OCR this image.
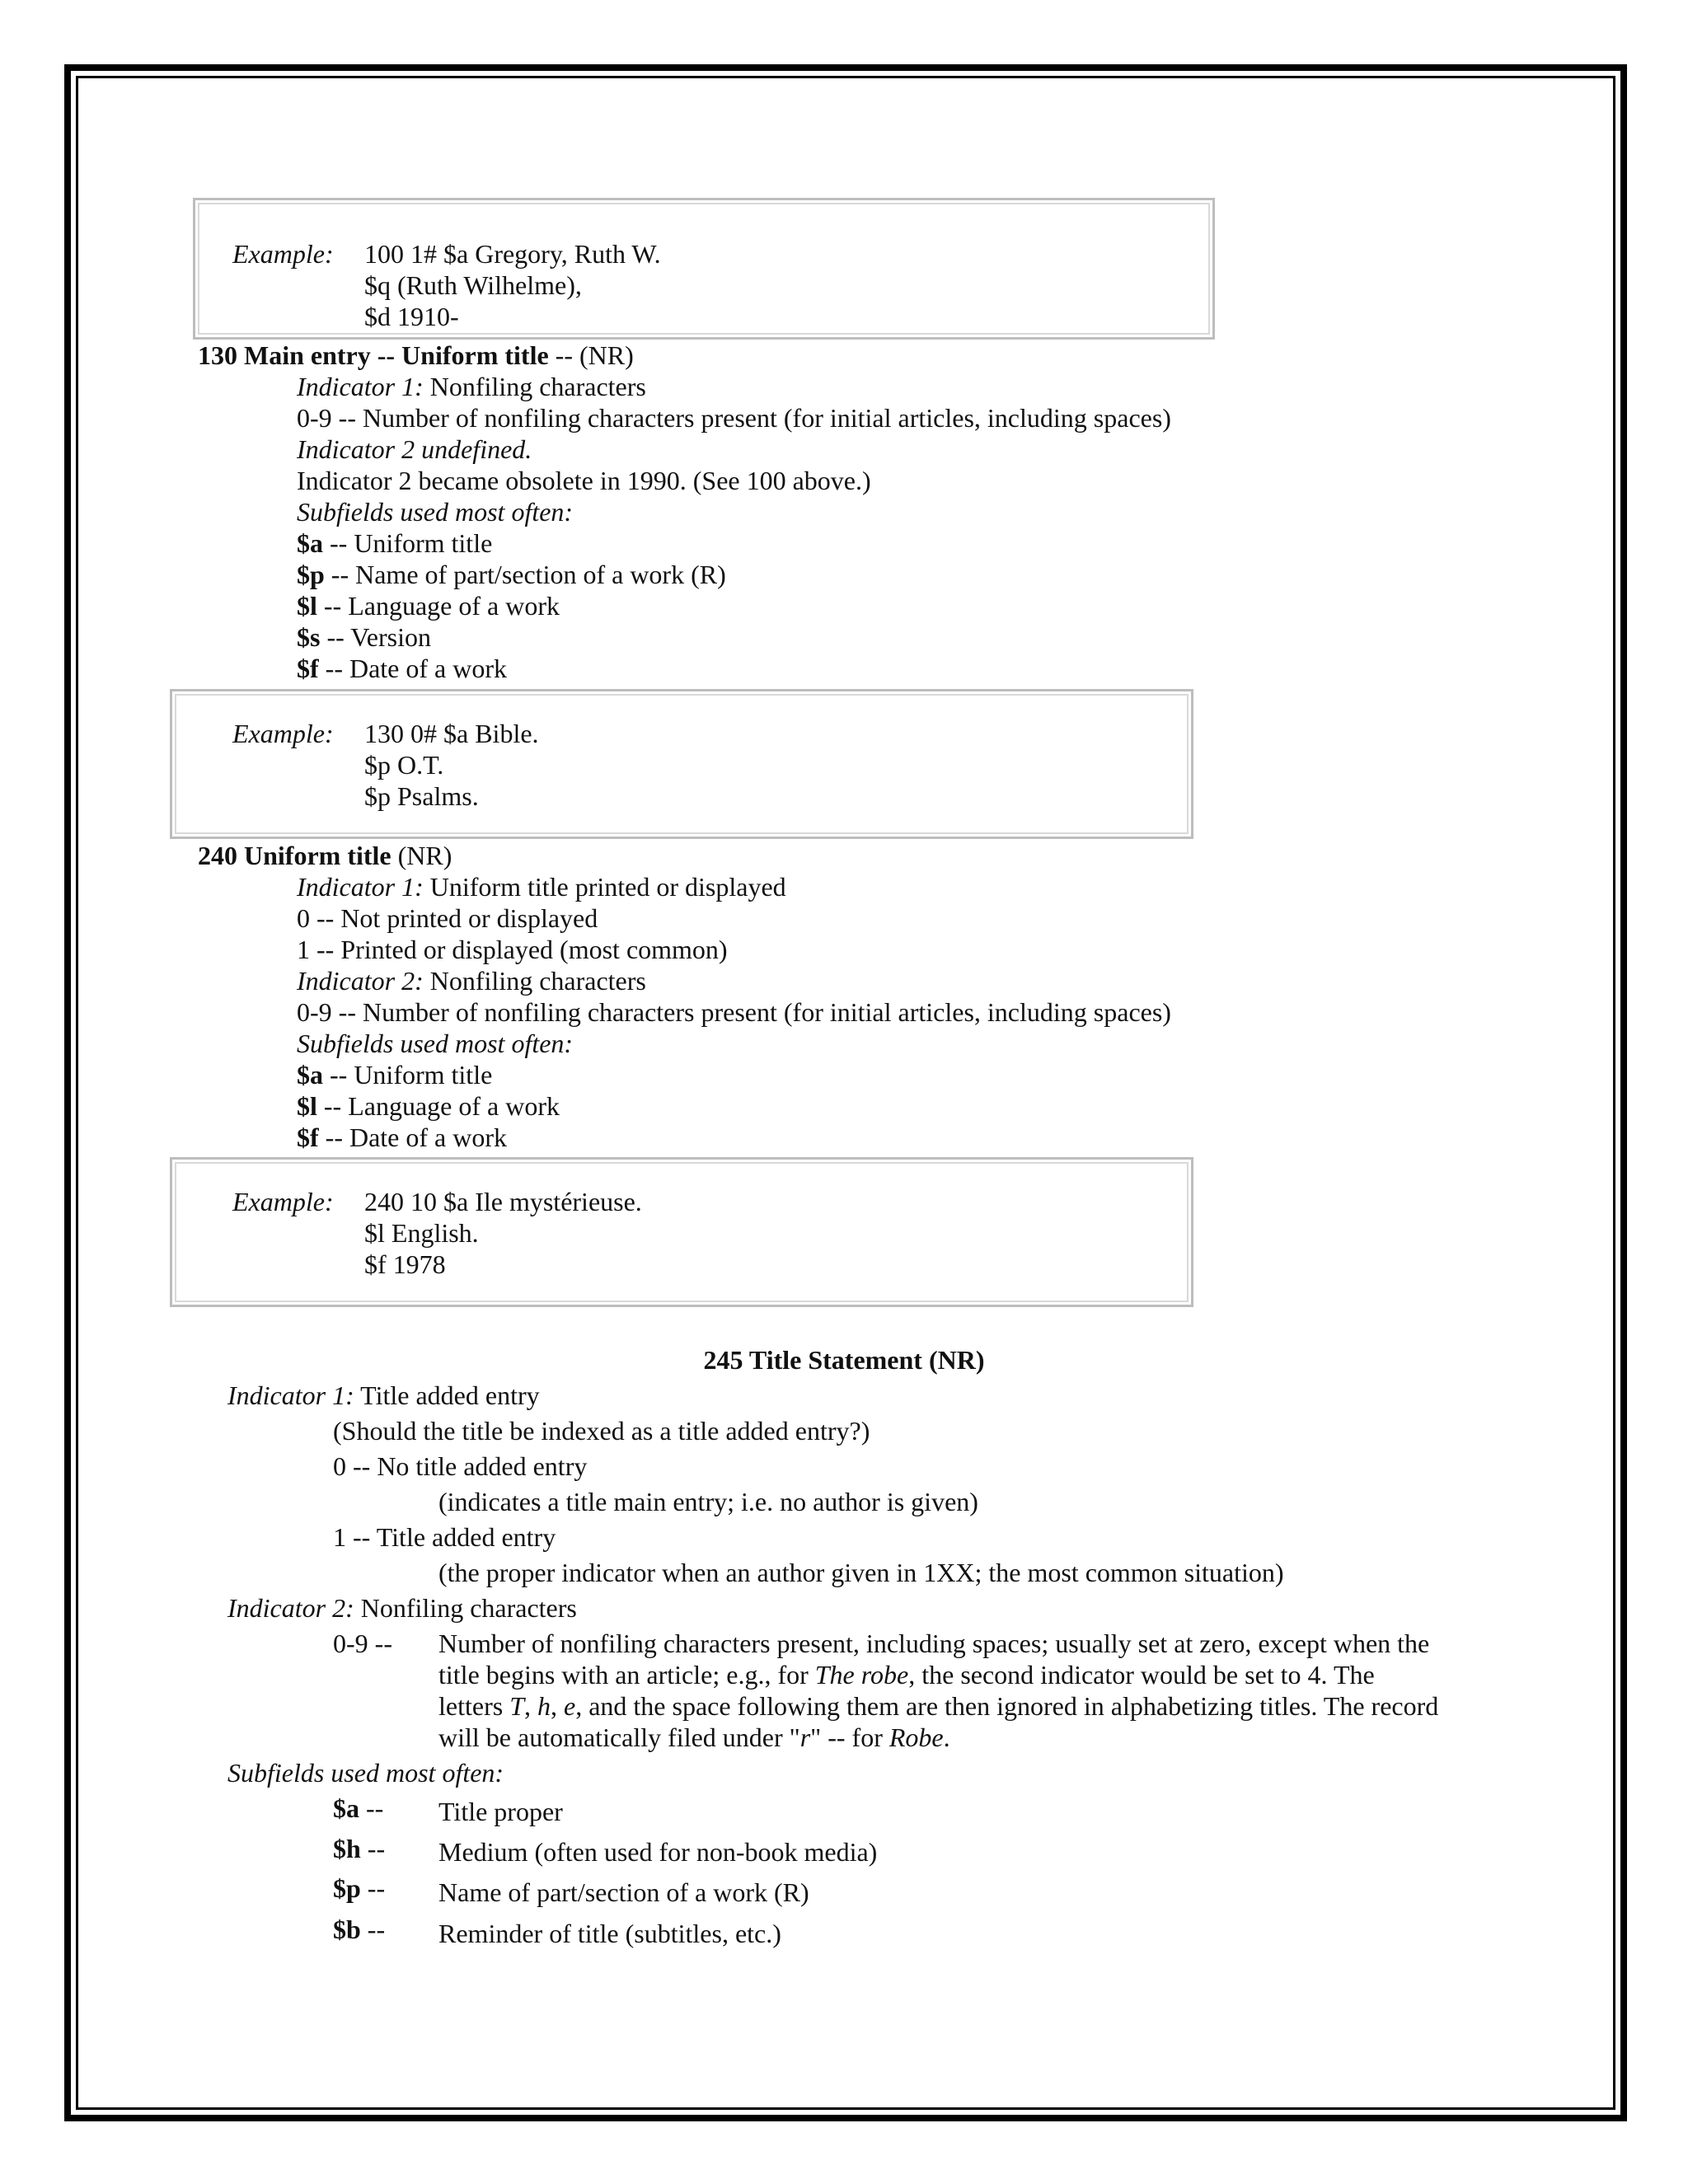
Example: 100 1# $a Gregory, Ruth W.
$q (Ruth Wilhelme),
$d 1910-
130 Main entry -- Uniform title -- (NR)
Indicator 1: Nonfiling characters
0-9 -- Number of nonfiling characters present (for initial articles, including spaces)
Indicator 2 undefined.
Indicator 2 became obsolete in 1990. (See 100 above.)
Subfields used most often:
$a -- Uniform title
$p -- Name of part/section of a work (R)
$l -- Language of a work
$s -- Version
$f -- Date of a work
Example: 130 0# $a Bible.
$p O.T.
$p Psalms.
240 Uniform title (NR)
Indicator 1: Uniform title printed or displayed
0 -- Not printed or displayed
1 -- Printed or displayed (most common)
Indicator 2: Nonfiling characters
0-9 -- Number of nonfiling characters present (for initial articles, including spaces)
Subfields used most often:
$a -- Uniform title
$l -- Language of a work
$f -- Date of a work
Example: 240 10 $a Ile mystérieuse.
$l English.
$f 1978
245 Title Statement (NR)
Indicator 1: Title added entry
(Should the title be indexed as a title added entry?)
0 -- No title added entry
(indicates a title main entry; i.e. no author is given)
1 -- Title added entry
(the proper indicator when an author given in 1XX; the most common situation)
Indicator 2: Nonfiling characters
0-9 -- Number of nonfiling characters present, including spaces; usually set at zero, except when the
title begins with an article; e.g., for The robe, the second indicator would be set to 4. The
letters T, h, e, and the space following them are then ignored in alphabetizing titles. The record
will be automatically filed under "r" -- for Robe.
Subfields used most often:
$a -- Title proper
$h -- Medium (often used for non-book media)
$p -- Name of part/section of a work (R)
$b -- Reminder of title (subtitles, etc.)
